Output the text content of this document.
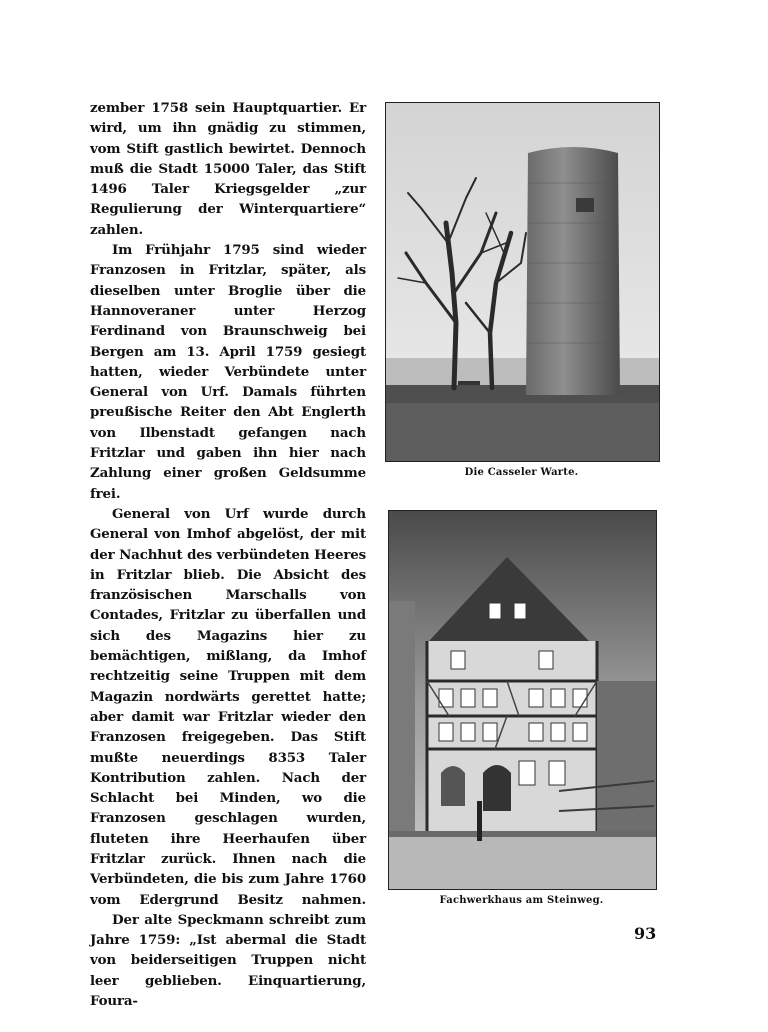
zember 1758 sein Hauptquartier. Er wird, um ihn gnädig zu stimmen, vom Stift gastlich bewirtet. Dennoch muß die Stadt 15000 Taler, das Stift 1496 Taler Kriegsgelder „zur Regulierung der Winterquartiere“ zahlen.

Im Frühjahr 1795 sind wieder Franzosen in Fritzlar, später, als dieselben unter Broglie über die Hannoveraner unter Herzog Ferdinand von Braunschweig bei Bergen am 13. April 1759 gesiegt hatten, wieder Verbündete unter General von Urf. Damals führten preußische Reiter den Abt Englerth von Ilbenstadt gefangen nach Fritzlar und gaben ihn hier nach Zahlung einer großen Geldsumme frei.

General von Urf wurde durch General von Imhof abgelöst, der mit der Nachhut des verbündeten Heeres in Fritzlar blieb. Die Absicht des französischen Marschalls von Contades, Fritzlar zu überfallen und sich des Magazins hier zu bemächtigen, mißlang, da Imhof rechtzeitig seine Truppen mit dem Magazin nordwärts gerettet hatte; aber damit war Fritzlar wieder den Franzosen freigegeben. Das Stift mußte neuerdings 8353 Taler Kontribution zahlen. Nach der Schlacht bei Minden, wo die Franzosen geschlagen wurden, fluteten ihre Heerhaufen über Fritzlar zurück. Ihnen nach die Verbündeten, die bis zum Jahre 1760 vom Edergrund Besitz nahmen.

Der alte Speckmann schreibt zum Jahre 1759: „Ist abermal die Stadt von beiderseitigen Truppen nicht leer geblieben. Einquartierung, Foura-

Die Casseler Warte.
Fachwerkhaus am Steinweg.
93
